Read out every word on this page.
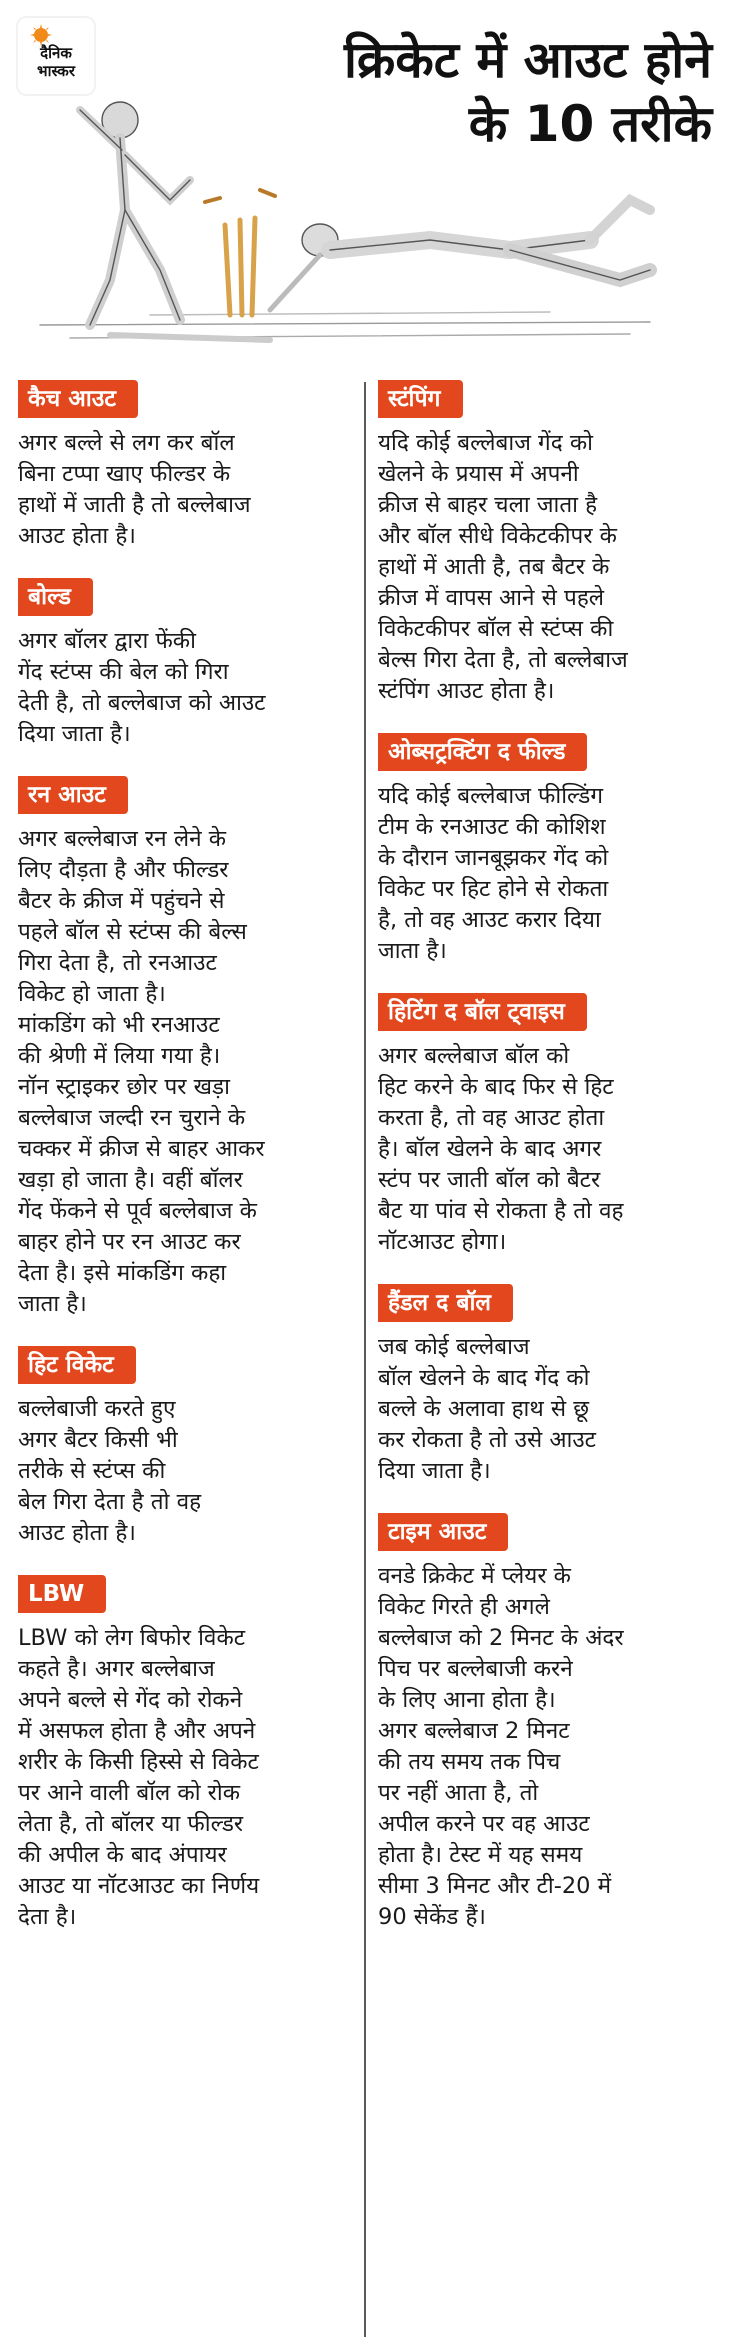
दैनिक
भास्कर	क्रिकेट में आउट होने के 10 तरीके
कैच आउट
अगर बल्ले से लग कर बॉल
बिना टप्पा खाए फील्डर के
हाथों में जाती है तो बल्लेबाज
आउट होता है।
बोल्ड
अगर बॉलर द्वारा फेंकी
गेंद स्टंप्स की बेल को गिरा
देती है, तो बल्लेबाज को आउट
दिया जाता है।
रन आउट
अगर बल्लेबाज रन लेने के
लिए दौड़ता है और फील्डर
बैटर के क्रीज में पहुंचने से
पहले बॉल से स्टंप्स की बेल्स
गिरा देता है, तो रनआउट
विकेट हो जाता है।
मांकडिंग को भी रनआउट
की श्रेणी में लिया गया है।
नॉन स्ट्राइकर छोर पर खड़ा
बल्लेबाज जल्दी रन चुराने के
चक्कर में क्रीज से बाहर आकर
खड़ा हो जाता है। वहीं बॉलर
गेंद फेंकने से पूर्व बल्लेबाज के
बाहर होने पर रन आउट कर
देता है। इसे मांकडिंग कहा
जाता है।
हिट विकेट
बल्लेबाजी करते हुए
अगर बैटर किसी भी
तरीके से स्टंप्स की
बेल गिरा देता है तो वह
आउट होता है।
LBW
LBW को लेग बिफोर विकेट
कहते है। अगर बल्लेबाज
अपने बल्ले से गेंद को रोकने
में असफल होता है और अपने
शरीर के किसी हिस्से से विकेट
पर आने वाली बॉल को रोक
लेता है, तो बॉलर या फील्डर
की अपील के बाद अंपायर
आउट या नॉटआउट का निर्णय
देता है।
स्टंपिंग
यदि कोई बल्लेबाज गेंद को
खेलने के प्रयास में अपनी
क्रीज से बाहर चला जाता है
और बॉल सीधे विकेटकीपर के
हाथों में आती है, तब बैटर के
क्रीज में वापस आने से पहले
विकेटकीपर बॉल से स्टंप्स की
बेल्स गिरा देता है, तो बल्लेबाज
स्टंपिंग आउट होता है।
ओब्सट्रक्टिंग द फील्ड
यदि कोई बल्लेबाज फील्डिंग
टीम के रनआउट की कोशिश
के दौरान जानबूझकर गेंद को
विकेट पर हिट होने से रोकता
है, तो वह आउट करार दिया
जाता है।
हिटिंग द बॉल ट्वाइस
अगर बल्लेबाज बॉल को
हिट करने के बाद फिर से हिट
करता है, तो वह आउट होता
है। बॉल खेलने के बाद अगर
स्टंप पर जाती बॉल को बैटर
बैट या पांव से रोकता है तो वह
नॉटआउट होगा।
हैंडल द बॉल
जब कोई बल्लेबाज
बॉल खेलने के बाद गेंद को
बल्ले के अलावा हाथ से छू
कर रोकता है तो उसे आउट
दिया जाता है।
टाइम आउट
वनडे क्रिकेट में प्लेयर के
विकेट गिरते ही अगले
बल्लेबाज को 2 मिनट के अंदर
पिच पर बल्लेबाजी करने
के लिए आना होता है।
अगर बल्लेबाज 2 मिनट
की तय समय तक पिच
पर नहीं आता है, तो
अपील करने पर वह आउट
होता है। टेस्ट में यह समय
सीमा 3 मिनट और टी-20 में
90 सेकेंड हैं।
